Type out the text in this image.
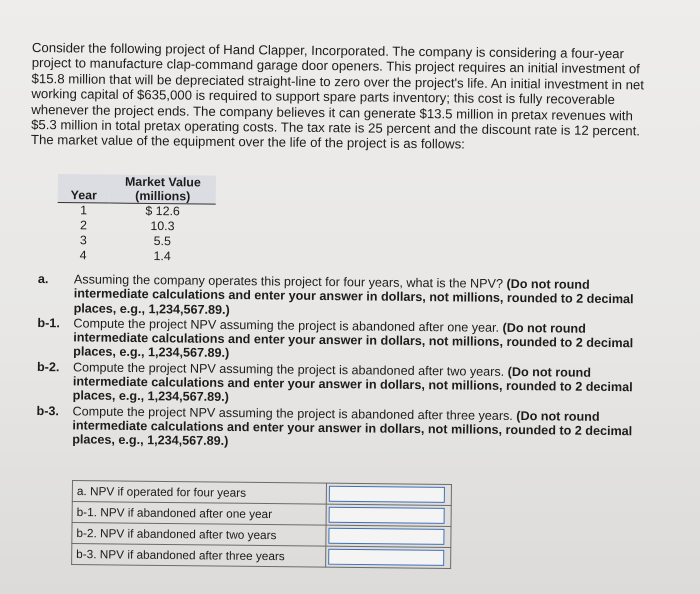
Consider the following project of Hand Clapper, Incorporated. The company is considering a four-year project to manufacture clap-command garage door openers. This project requires an initial investment of $15.8 million that will be depreciated straight-line to zero over the project's life. An initial investment in net working capital of $635,000 is required to support spare parts inventory; this cost is fully recoverable whenever the project ends. The company believes it can generate $13.5 million in pretax revenues with $5.3 million in total pretax operating costs. The tax rate is 25 percent and the discount rate is 12 percent. The market value of the equipment over the life of the project is as follows:
Year	Market Value
(millions)
1	$ 12.6
2	10.3
3	5.5
4	1.4
a.	Assuming the company operates this project for four years, what is the NPV? (Do not round intermediate calculations and enter your answer in dollars, not millions, rounded to 2 decimal places, e.g., 1,234,567.89.)
b-1.	Compute the project NPV assuming the project is abandoned after one year. (Do not round intermediate calculations and enter your answer in dollars, not millions, rounded to 2 decimal places, e.g., 1,234,567.89.)
b-2.	Compute the project NPV assuming the project is abandoned after two years. (Do not round intermediate calculations and enter your answer in dollars, not millions, rounded to 2 decimal places, e.g., 1,234,567.89.)
b-3.	Compute the project NPV assuming the project is abandoned after three years. (Do not round intermediate calculations and enter your answer in dollars, not millions, rounded to 2 decimal places, e.g., 1,234,567.89.)
a. NPV if operated for four years	

b-1. NPV if abandoned after one year	

b-2. NPV if abandoned after two years	

b-3. NPV if abandoned after three years	
